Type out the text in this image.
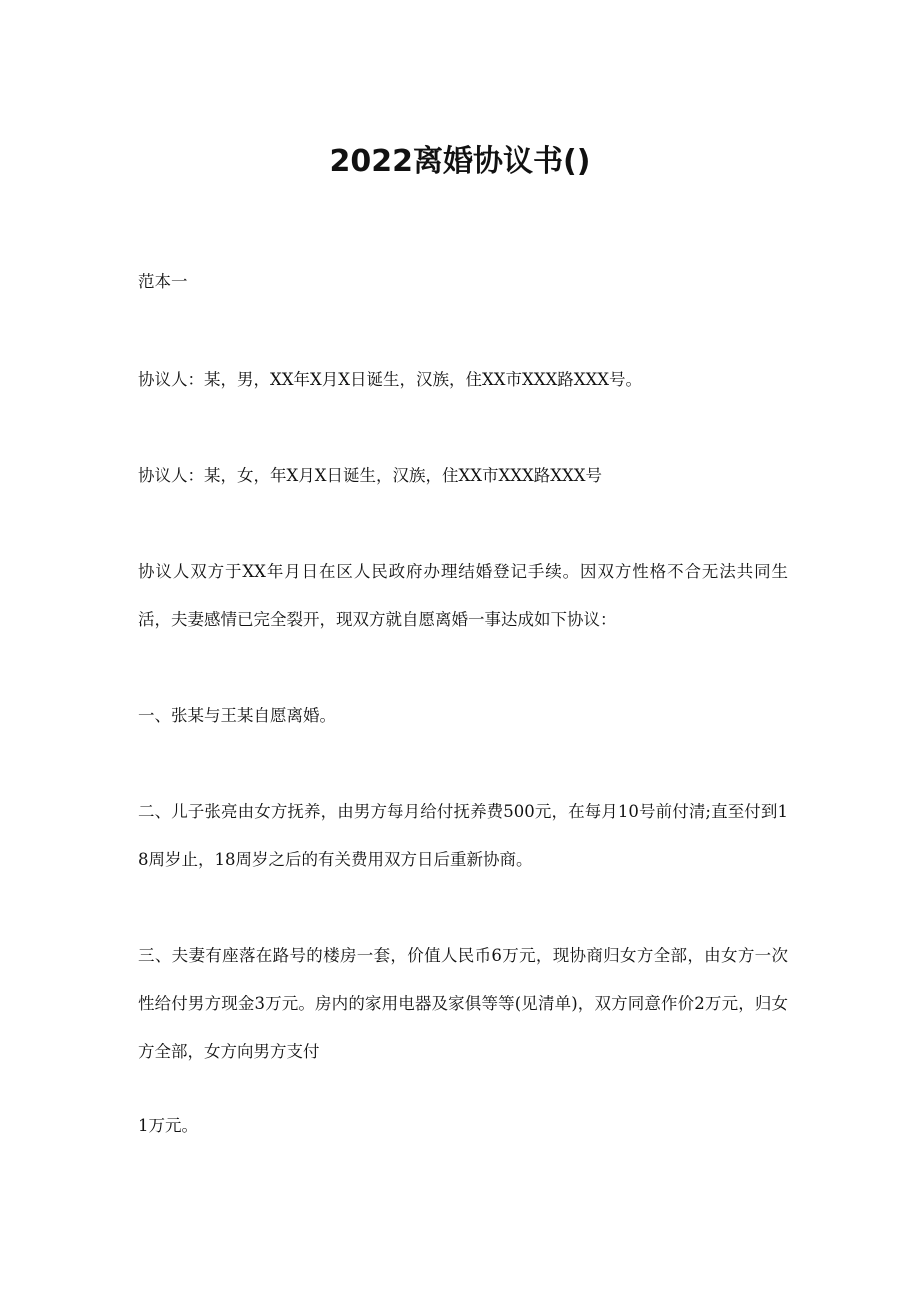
2022离婚协议书()

范本一

协议人：某，男，XX年X月X日诞生，汉族，住XX市XXX路XXX号。

协议人：某，女，年X月X日诞生，汉族，住XX市XXX路XXX号

协议人双方于XX年月日在区人民政府办理结婚登记手续。因双方性格不合无法共同生活，夫妻感情已完全裂开，现双方就自愿离婚一事达成如下协议：

一、张某与王某自愿离婚。

二、儿子张亮由女方抚养，由男方每月给付抚养费500元，在每月10号前付清;直至付到18周岁止，18周岁之后的有关费用双方日后重新协商。

三、夫妻有座落在路号的楼房一套，价值人民币6万元，现协商归女方全部，由女方一次性给付男方现金3万元。房内的家用电器及家俱等等(见清单)，双方同意作价2万元，归女方全部，女方向男方支付

1万元。
